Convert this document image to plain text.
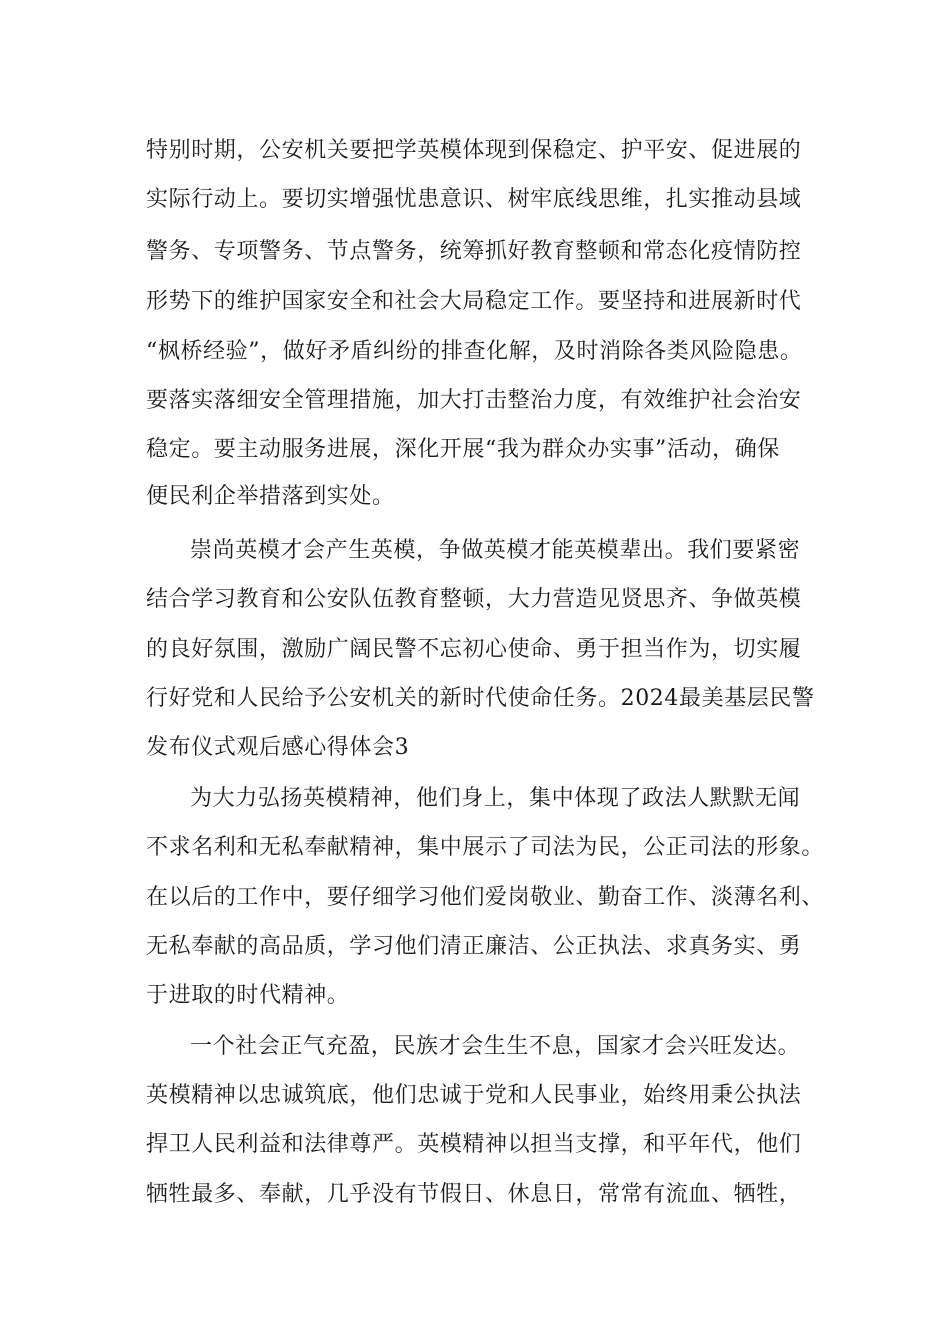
特别时期，公安机关要把学英模体现到保稳定、护平安、促进展的
实际行动上。要切实增强忧患意识、树牢底线思维，扎实推动县域
警务、专项警务、节点警务，统筹抓好教育整顿和常态化疫情防控
形势下的维护国家安全和社会大局稳定工作。要坚持和进展新时代
“枫桥经验”，做好矛盾纠纷的排查化解，及时消除各类风险隐患。
要落实落细安全管理措施，加大打击整治力度，有效维护社会治安
稳定。要主动服务进展，深化开展“我为群众办实事”活动，确保
便民利企举措落到实处。
崇尚英模才会产生英模，争做英模才能英模辈出。我们要紧密
结合学习教育和公安队伍教育整顿，大力营造见贤思齐、争做英模
的良好氛围，激励广阔民警不忘初心使命、勇于担当作为，切实履
行好党和人民给予公安机关的新时代使命任务。2024最美基层民警
发布仪式观后感心得体会3
为大力弘扬英模精神，他们身上，集中体现了政法人默默无闻
不求名利和无私奉献精神，集中展示了司法为民，公正司法的形象。
在以后的工作中，要仔细学习他们爱岗敬业、勤奋工作、淡薄名利、
无私奉献的高品质，学习他们清正廉洁、公正执法、求真务实、勇
于进取的时代精神。
一个社会正气充盈，民族才会生生不息，国家才会兴旺发达。
英模精神以忠诚筑底，他们忠诚于党和人民事业，始终用秉公执法
捍卫人民利益和法律尊严。英模精神以担当支撑，和平年代，他们
牺牲最多、奉献，几乎没有节假日、休息日，常常有流血、牺牲，
